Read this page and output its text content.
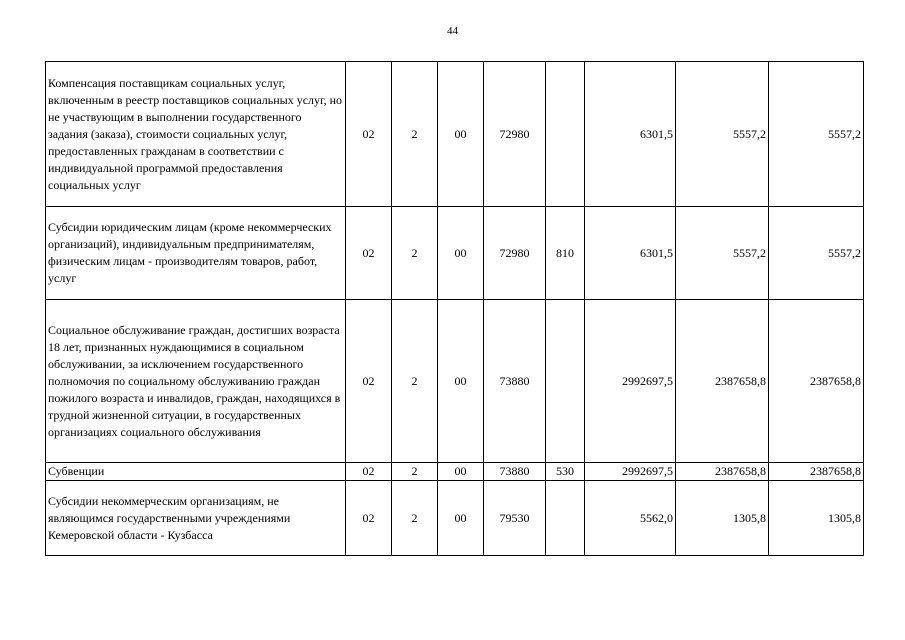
44
Компенсация поставщикам социальных услуг, включенным в реестр поставщиков социальных услуг, но не участвующим в выполнении государственного задания (заказа), стоимости социальных услуг, предоставленных гражданам в соответствии с индивидуальной программой предоставления социальных услуг	02	2	00	72980		6301,5	5557,2	5557,2
Субсидии юридическим лицам (кроме некоммерческих организаций), индивидуальным предпринимателям, физическим лицам - производителям товаров, работ, услуг	02	2	00	72980	810	6301,5	5557,2	5557,2
Социальное обслуживание граждан, достигших возраста 18 лет, признанных нуждающимися в социальном обслуживании, за исключением государственного полномочия по социальному обслуживанию граждан пожилого возраста и инвалидов, граждан, находящихся в трудной жизненной ситуации, в государственных организациях социального обслуживания	02	2	00	73880		2992697,5	2387658,8	2387658,8
Субвенции	02	2	00	73880	530	2992697,5	2387658,8	2387658,8
Субсидии некоммерческим организациям, не являющимся государственными учреждениями Кемеровской области - Кузбасса	02	2	00	79530		5562,0	1305,8	1305,8
